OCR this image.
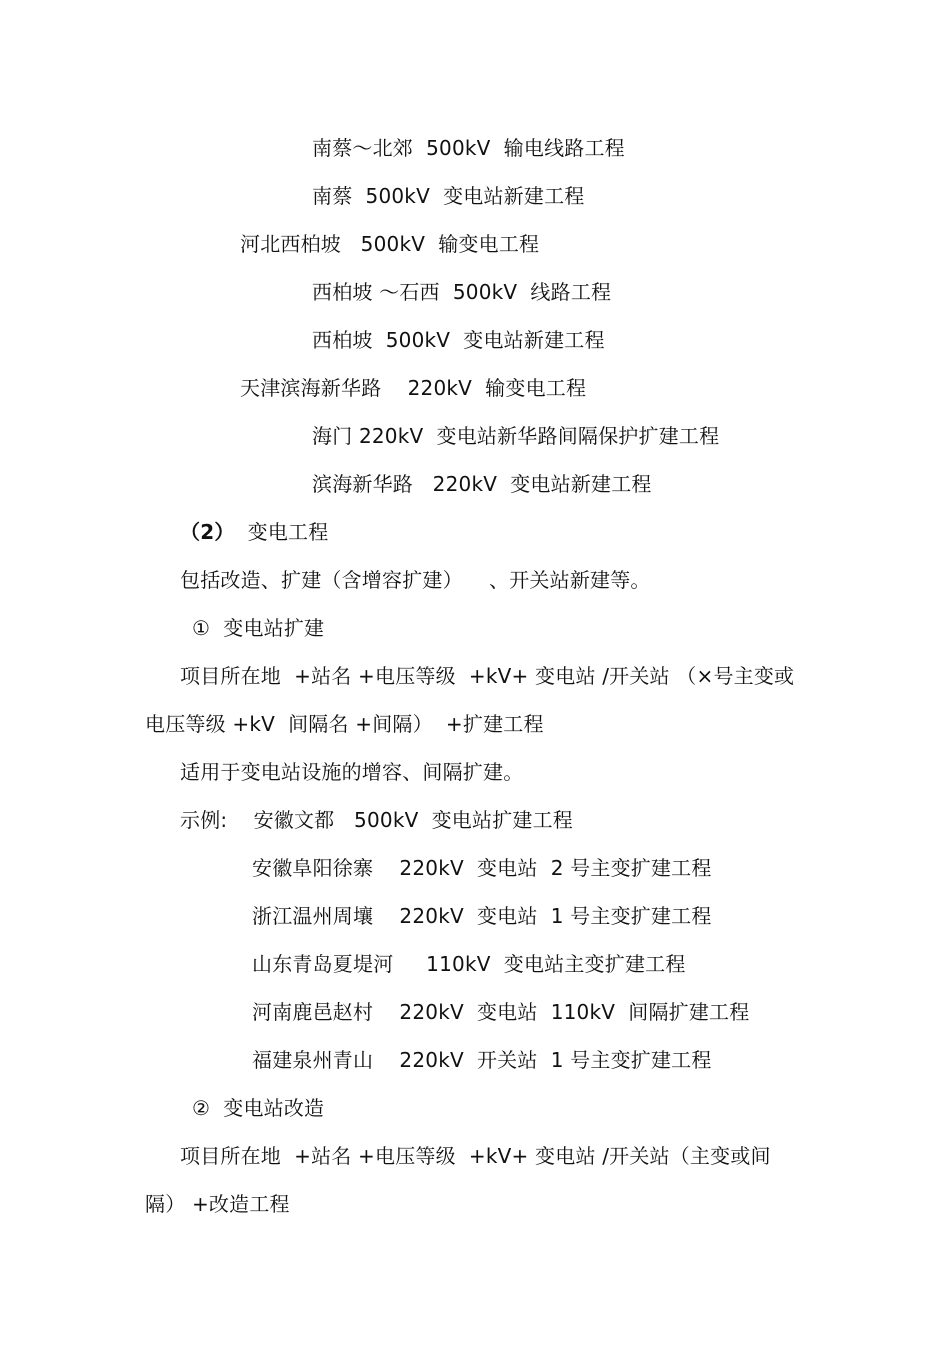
南蔡～北郊  500kV  输电线路工程
南蔡  500kV  变电站新建工程
河北西柏坡   500kV  输变电工程
西柏坡 ～石西  500kV  线路工程
西柏坡  500kV  变电站新建工程
天津滨海新华路    220kV  输变电工程
海门 220kV  变电站新华路间隔保护扩建工程
滨海新华路   220kV  变电站新建工程
（2） 变电工程
包括改造、扩建（含增容扩建）    、开关站新建等。
①  变电站扩建
项目所在地  +站名 +电压等级  +kV+ 变电站 /开关站 （×号主变或
电压等级 +kV  间隔名 +间隔）  +扩建工程
适用于变电站设施的增容、间隔扩建。
示例:    安徽文都   500kV  变电站扩建工程
安徽阜阳徐寨    220kV  变电站  2 号主变扩建工程
浙江温州周壤    220kV  变电站  1 号主变扩建工程
山东青岛夏堤河     110kV  变电站主变扩建工程
河南鹿邑赵村    220kV  变电站  110kV  间隔扩建工程
福建泉州青山    220kV  开关站  1 号主变扩建工程
②  变电站改造
项目所在地  +站名 +电压等级  +kV+ 变电站 /开关站（主变或间
隔） +改造工程
